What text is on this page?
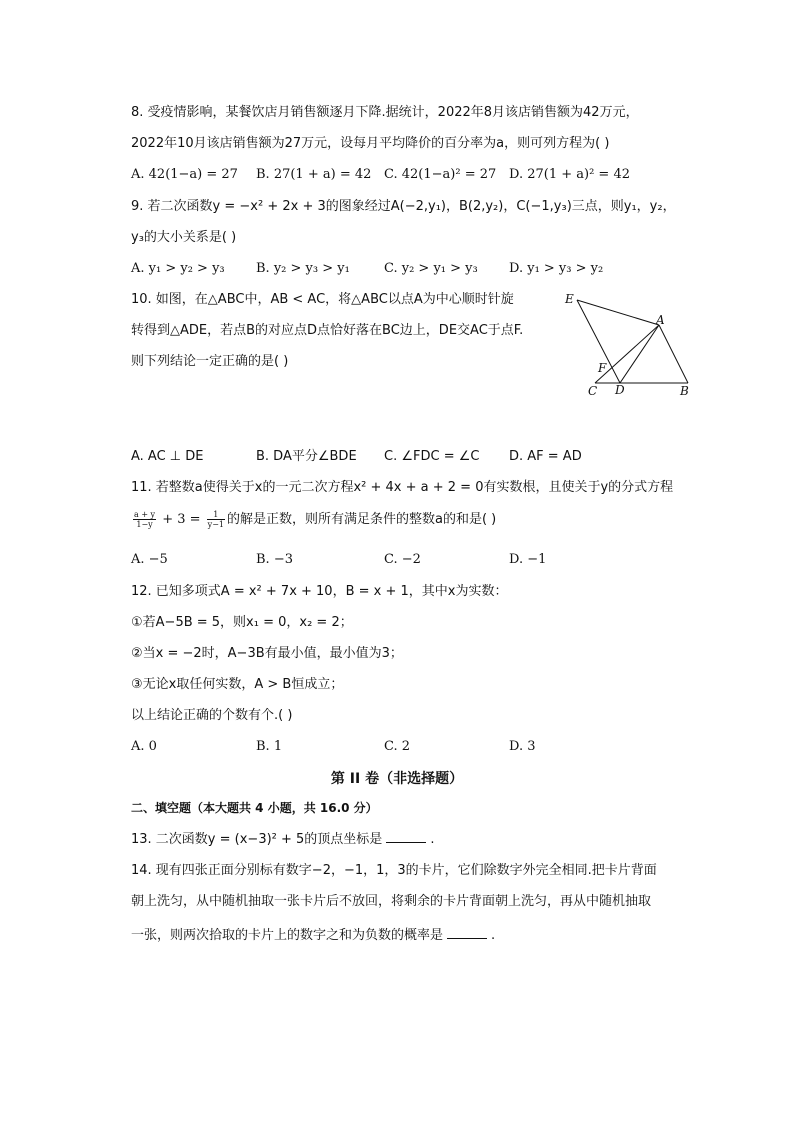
8. 受疫情影响，某餐饮店月销售额逐月下降.据统计，2022年8月该店销售额为42万元，
2022年10月该店销售额为27万元，设每月平均降价的百分率为a，则可列方程为( )
A. 42(1−a) = 27 B. 27(1 + a) = 42 C. 42(1−a)² = 27 D. 27(1 + a)² = 42
9. 若二次函数y = −x² + 2x + 3的图象经过A(−2,y₁)，B(2,y₂)，C(−1,y₃)三点，则y₁，y₂，
y₃的大小关系是( )
A. y₁ > y₂ > y₃ B. y₂ > y₃ > y₁	C. y₂ > y₁ > y₃ D. y₁ > y₃ > y₂
10. 如图，在△ABC中，AB < AC，将△ABC以点A为中心顺时针旋
转得到△ADE，若点B的对应点D点恰好落在BC边上，DE交AC于点F.
则下列结论一定正确的是( )
E
A
F
C D	B
A. AC ⊥ DE	B. DA平分∠BDE C. ∠FDC = ∠C D. AF = AD
11. 若整数a使得关于x的一元二次方程x² + 4x + a + 2 = 0有实数根，且使关于y的分式方程
$\frac{a + y}{1-y} + 3 = \frac{1}{y-1}$ 的解是正数，则所有满足条件的整数a的和是( )
A. −5	B. −3	C. −2	D. −1
12. 已知多项式A = x² + 7x + 10，B = x + 1，其中x为实数：
①若A−5B = 5，则x₁ = 0，x₂ = 2；
②当x = −2时，A−3B有最小值，最小值为3；
③无论x取任何实数，A > B恒成立；
以上结论正确的个数有个.( )
A. 0	B. 1	C. 2	D. 3
第 II 卷（非选择题）
二、填空题（本大题共 4 小题，共 16.0 分）
13. 二次函数y = (x−3)² + 5的顶点坐标是	.
14. 现有四张正面分别标有数字−2，−1，1，3的卡片，它们除数字外完全相同.把卡片背面
朝上洗匀，从中随机抽取一张卡片后不放回，将剩余的卡片背面朝上洗匀，再从中随机抽取
一张，则两次拾取的卡片上的数字之和为负数的概率是	.
